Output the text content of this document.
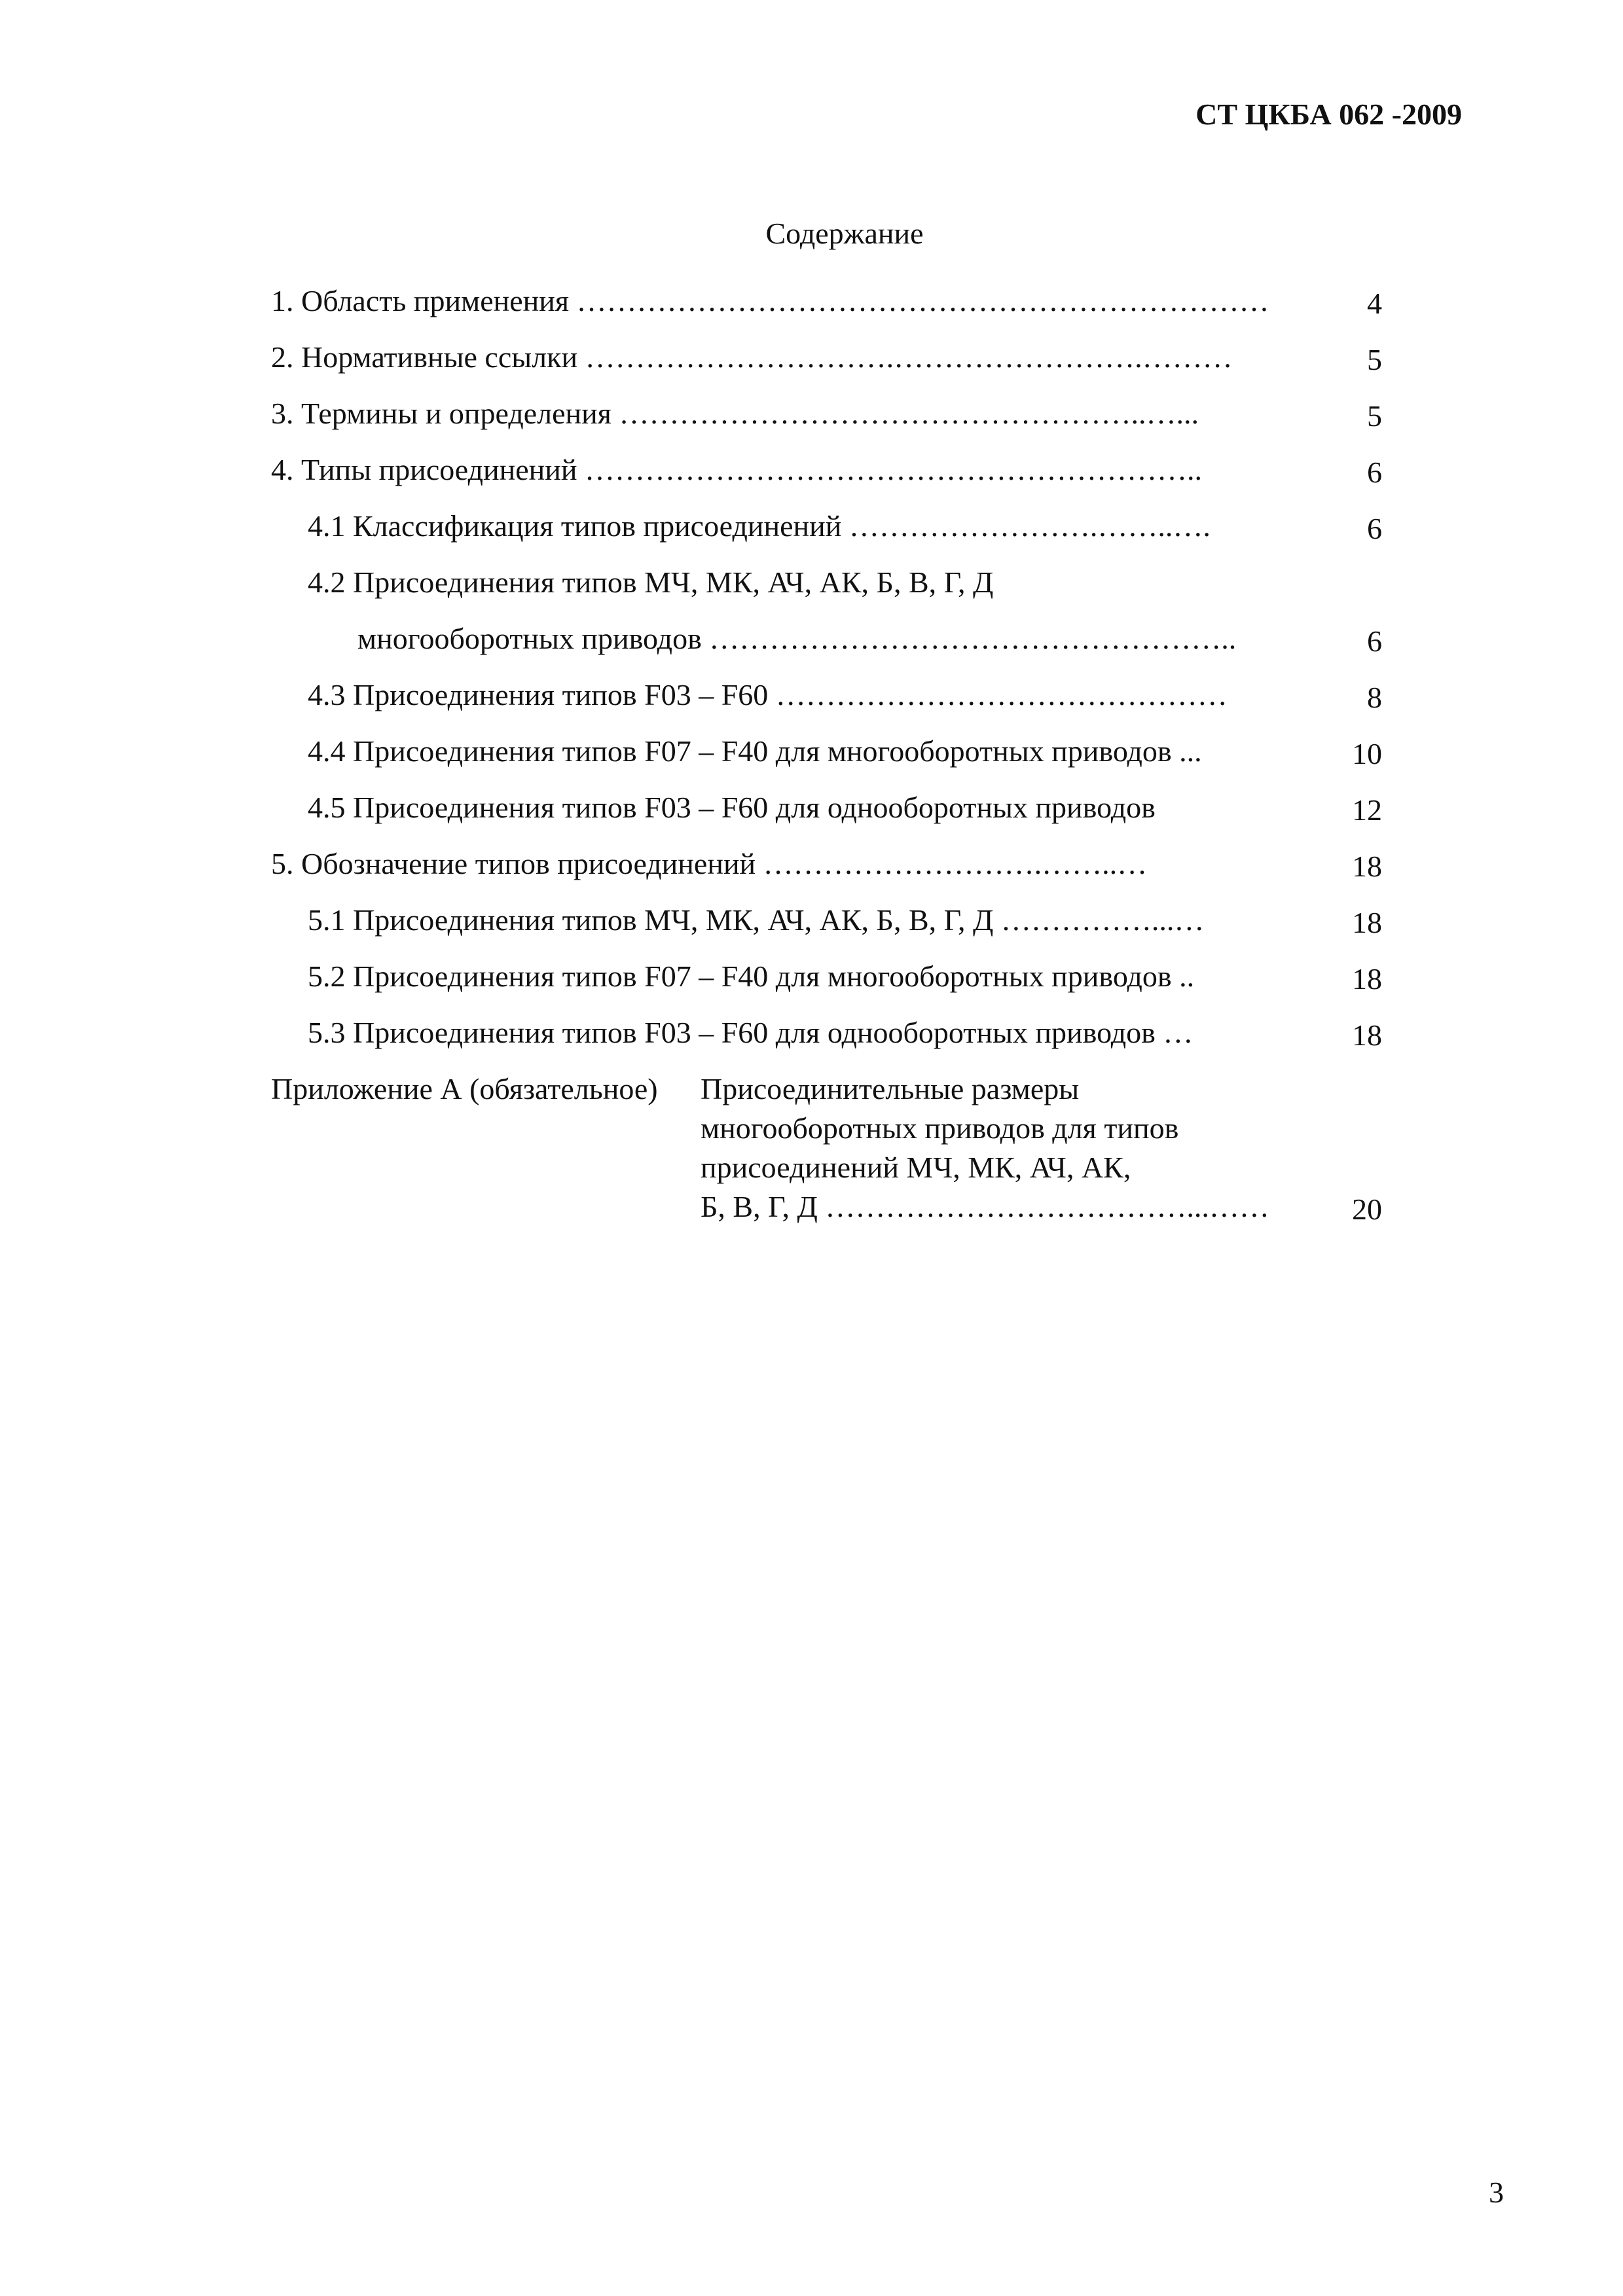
СТ ЦКБА 062 -2009
Содержание
1. Область применения ……………………………………………………………	4
2. Нормативные ссылки ………………………….…………………….………	5
3. Термины и определения ……………………………………………..…...	5
4. Типы присоединений ……………………………………………………..	6
4.1 Классификация типов присоединений …………………….……..….	6
4.2 Присоединения типов МЧ, МК, АЧ, АК, Б, В, Г, Д
многооборотных приводов ……………………………………………..	6
4.3 Присоединения типов F03 – F60 ………………………………………	8
4.4 Присоединения типов F07 – F40 для многооборотных приводов ...	10
4.5 Присоединения типов F03 – F60 для однооборотных приводов	12
5. Обозначение типов присоединений ……………………….……..…	18
5.1 Присоединения типов МЧ, МК, АЧ, АК, Б, В, Г, Д ……………...…	18
5.2 Присоединения типов F07 – F40 для многооборотных приводов ..	18
5.3 Присоединения типов F03 – F60 для однооборотных приводов …	18
Приложение А (обязательное) Присоединительные размеры
многооборотных приводов для типов
присоединений МЧ, МК, АЧ, АК,
Б, В, Г, Д ………………………………...……	20
3
